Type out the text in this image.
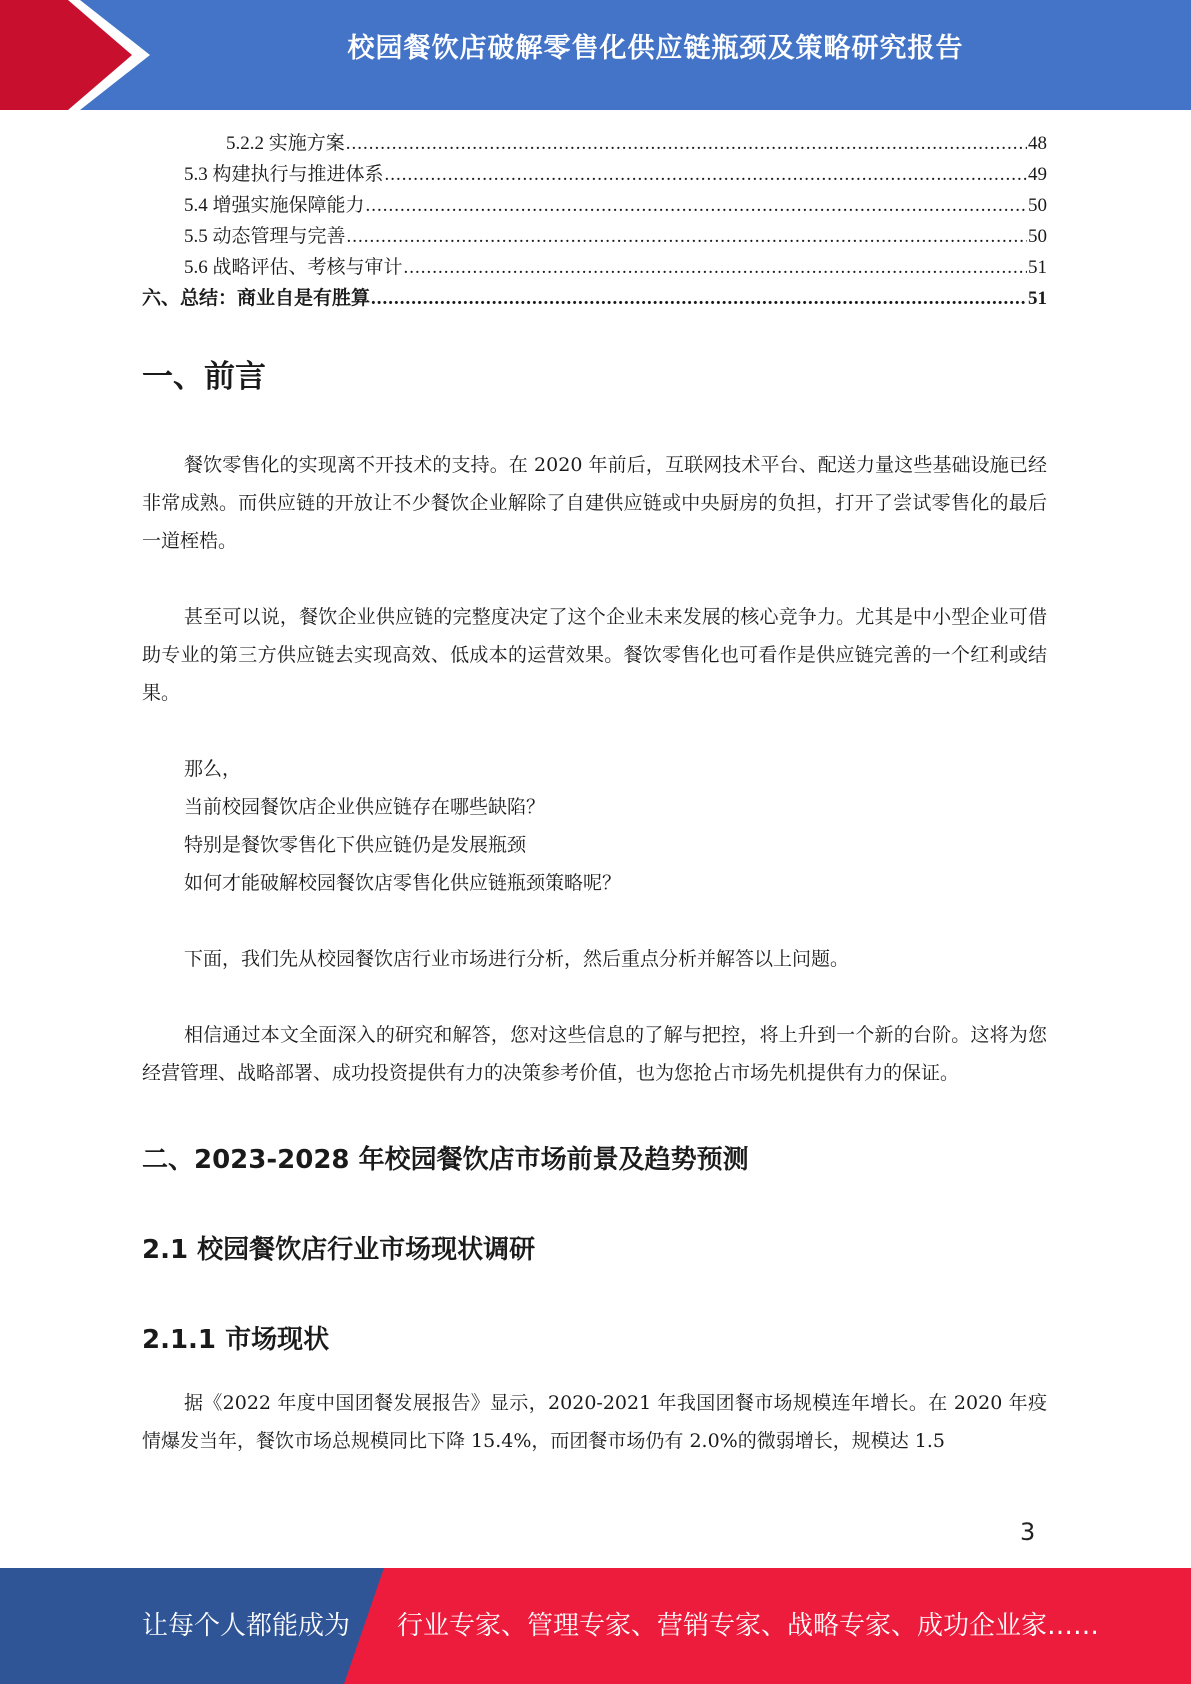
校园餐饮店破解零售化供应链瓶颈及策略研究报告
5.2.2 实施方案 .....	48
5.3 构建执行与推进体系 .....	49
5.4 增强实施保障能力 .....	50
5.5 动态管理与完善 .....	50
5.6 战略评估、考核与审计 .....	51
六、总结：商业自是有胜算 .....	51
一、前言

餐饮零售化的实现离不开技术的支持。在 2020 年前后，互联网技术平台、配送力量这些基础设施已经非常成熟。而供应链的开放让不少餐饮企业解除了自建供应链或中央厨房的负担，打开了尝试零售化的最后一道桎梏。

甚至可以说，餐饮企业供应链的完整度决定了这个企业未来发展的核心竞争力。尤其是中小型企业可借助专业的第三方供应链去实现高效、低成本的运营效果。餐饮零售化也可看作是供应链完善的一个红利或结果。

那么，

当前校园餐饮店企业供应链存在哪些缺陷？

特别是餐饮零售化下供应链仍是发展瓶颈

如何才能破解校园餐饮店零售化供应链瓶颈策略呢？

下面，我们先从校园餐饮店行业市场进行分析，然后重点分析并解答以上问题。

相信通过本文全面深入的研究和解答，您对这些信息的了解与把控，将上升到一个新的台阶。这将为您经营管理、战略部署、成功投资提供有力的决策参考价值，也为您抢占市场先机提供有力的保证。

二、2023-2028 年校园餐饮店市场前景及趋势预测
2.1 校园餐饮店行业市场现状调研
2.1.1 市场现状

据《2022 年度中国团餐发展报告》显示，2020-2021 年我国团餐市场规模连年增长。在 2020 年疫情爆发当年，餐饮市场总规模同比下降 15.4%，而团餐市场仍有 2.0%的微弱增长，规模达 1.5

3
让每个人都能成为 行业专家、管理专家、营销专家、战略专家、成功企业家……
